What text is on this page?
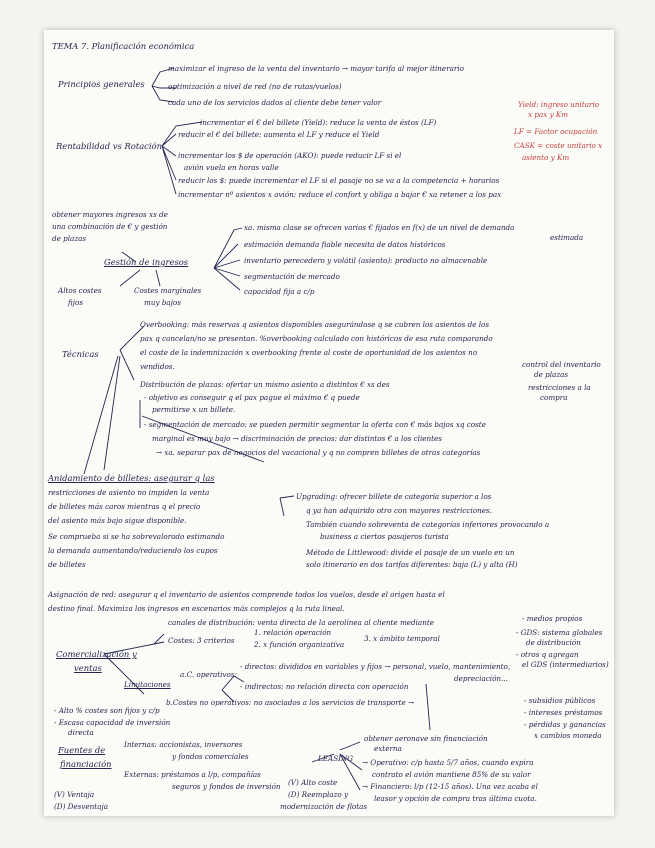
TEMA 7. Planificación económica
Principios generales
maximizar el ingreso de la venta del inventario → mayor tarifa al mejor itinerario
optimización a nivel de red (no de rutas/vuelos)
cada uno de los servicios dados al cliente debe tener valor
Rentabilidad vs Rotación
incrementar el € del billete (Yield): reduce la venta de éstos (LF)
reducir el € del billete: aumenta el LF y reduce el Yield
incrementar los $ de operación (AKO): puede reducir LF si el
avión vuela en horas valle
reducir los $: puede incrementar el LF si el pasaje no se va a la competencia + horarios
incrementar nº asientos x avión: reduce el confort y obliga a bajar € xa retener a los pax
Yield: ingreso unitario
x pax y Km
LF = Factor ocupación
CASK = coste unitario x
asiento y Km
obtener mayores ingresos xs de
una combinación de € y gestión
de plazas
Gestión de ingresos
Altos costes
fijos
Costes marginales
muy bajos
xa. misma clase se ofrecen varios € fijados en f(x) de un nivel de demanda
estimada
estimación demanda fiable necesita de datos históricos
inventario perecedero y volátil (asiento): producto no almacenable
segmentación de mercado
capacidad fija a c/p
Técnicas
Overbooking: más reservas q asientos disponibles asegurándose q se cubren los asientos de los
pax q cancelan/no se presentan. %overbooking calculado con históricos de esa ruta comparando
el coste de la indemnización x overbooking frente al coste de oportunidad de los asientos no
vendidos.	control del inventario
de plazas
restricciones a la
compra
Distribución de plazas: ofertar un mismo asiento a distintos € xs des
- objetivo es conseguir q el pax pague el máximo € q puede
permitirse x un billete.
- segmentación de mercado: se pueden permitir segmentar la oferta con € más bajos xq coste
marginal es muy bajo → discriminación de precios: dar distintos € a los clientes
→ xa. separar pax de negocios del vacacional y q no compren billetes de otras categorías
Anidamiento de billetes: asegurar q las
restricciones de asiento no impiden la venta
de billetes más caros mientras q el precio
del asiento más bajo sigue disponible.
Se comprueba si se ha sobrevalorado estimando
la demanda aumentando/reduciendo los cupos
de billetes
Upgrading: ofrecer billete de categoría superior a los
q ya han adquirido otro con mayores restricciones.
También cuando sobreventa de categorías inferiores provocando a
business a ciertos pasajeros turista
Método de Littlewood: divide el pasaje de un vuelo en un
solo itinerario en dos tarifas diferentes: baja (L) y alta (H)
Asignación de red: asegurar q el inventario de asientos comprende todos los vuelos, desde el origen hasta el
destino final. Maximiza los ingresos en escenarios más complejos q la ruta lineal.
canales de distribución: venta directa de la aerolínea al cliente mediante
Comercialización y
ventas
Limitaciones
Costes: 3 criterios
1. relación operación
2. x función organizativa
3. x ámbito temporal
a.C. operativos:
- directos: divididos en variables y fijos → personal, vuelo, mantenimiento,
depreciación...
- indirectos: no relación directa con operación
b.Costes no operativos: no asociados a los servicios de transporte →
- medios propios
- GDS: sistema globales
de distribución
- otros q agregan
el GDS (intermediarios)
- subsidios públicos
- intereses préstamos
- pérdidas y ganancias
x cambios moneda
- Alto % costes son fijos y c/p
- Escasa capacidad de inversión
directa
Fuentes de
financiación
Internas: accionistas, inversores
y fondos comerciales
Externas: préstamos a l/p, compañías
seguros y fondos de inversión
LEASING
obtener aeronave sin financiación
externa
→ Operativo: c/p hasta 5/7 años, cuando expira
contrato el avión mantiene 85% de su valor
→ Financiero: l/p (12-15 años). Una vez acaba el
leasor y opción de compra tras última cuota.
(V) Alto coste
(D) Reemplazo y
modernización de flotas
(V) Ventaja
(D) Desventaja
